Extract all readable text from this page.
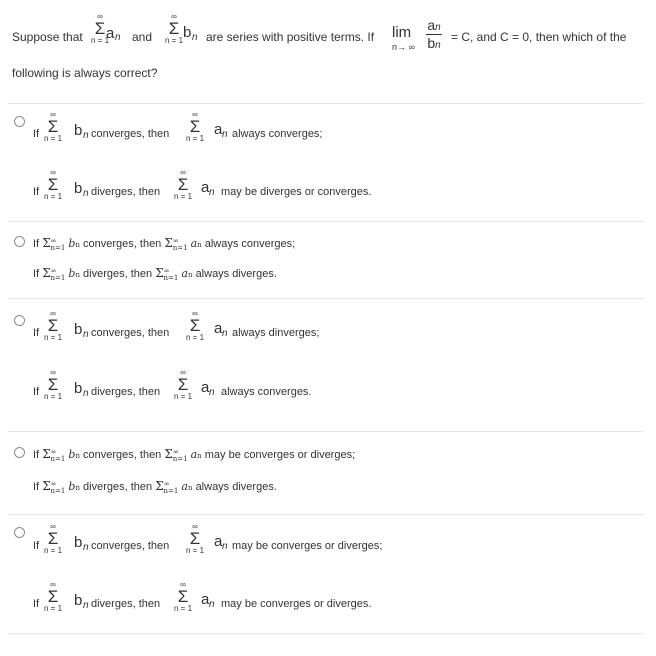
Suppose that
∞
Σ
n = 1
a n and
∞
Σ
n = 1 b n are series with positive terms. If lim
n→ ∞
an
bn
= C, and C = 0, then which of the
following is always correct?
If
∞
Σ
n = 1 b n converges, then
∞
Σ
n = 1
a n always converges;
If
∞
Σ
n = 1 b n diverges, then
∞
Σ
n = 1
a n may be diverges or converges.
If $\Sigma^\infty_{n=1}$ bn converges, then $\Sigma^\infty_{n=1}$ an always converges;
If $\Sigma^\infty_{n=1}$ bn diverges, then $\Sigma^\infty_{n=1}$ an always diverges.
If
∞
Σ
n = 1 b n converges, then
∞
Σ
n = 1
a n always dinverges;
If
∞
Σ
n = 1 b n diverges, then
∞
Σ
n = 1
a n always converges.
If $\Sigma^\infty_{n=1}$ bn converges, then $\Sigma^\infty_{n=1}$ an may be converges or diverges;
If $\Sigma^\infty_{n=1}$ bn diverges, then $\Sigma^\infty_{n=1}$ an always diverges.
If
∞
Σ
n = 1 b n converges, then
∞
Σ
n = 1
a n may be converges or diverges;
If
∞
Σ
n = 1 b n diverges, then
∞
Σ
n = 1
a n may be converges or diverges.
